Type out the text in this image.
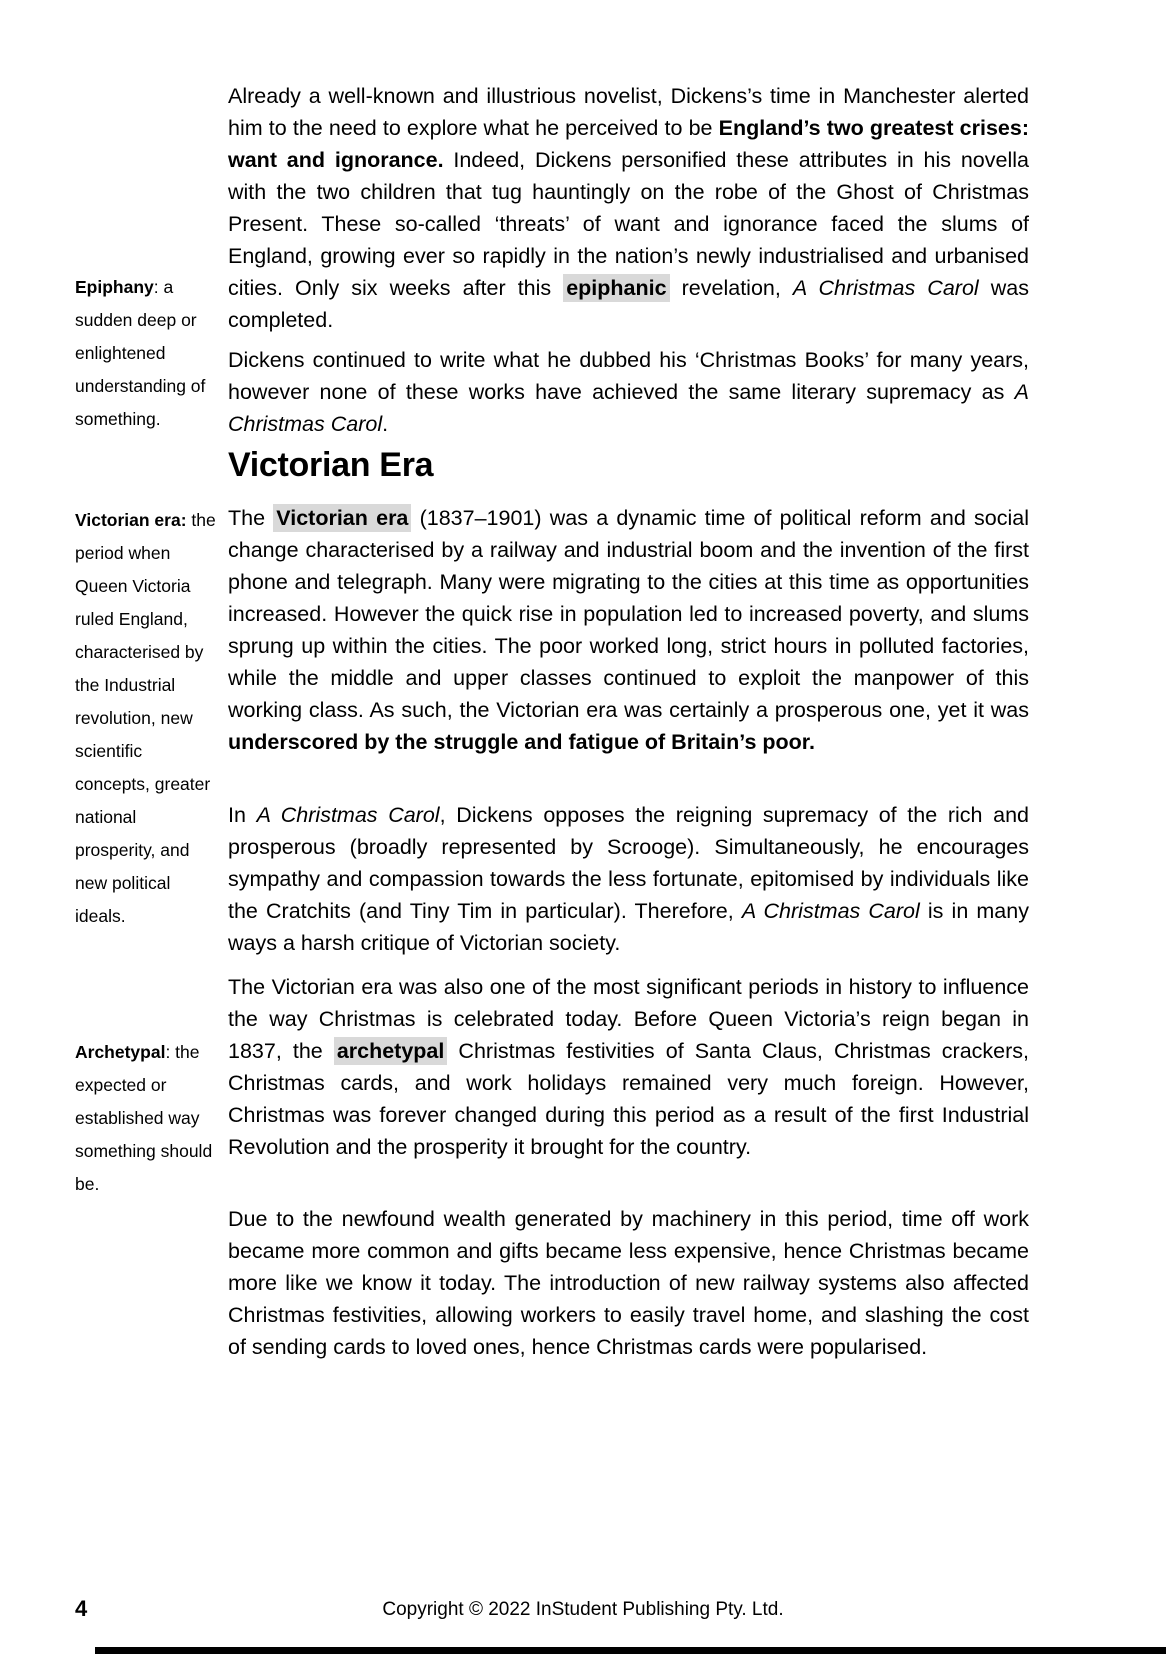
Epiphany: a sudden deep or enlightened understanding of something.
Victorian era: the period when Queen Victoria ruled England, characterised by the Industrial revolution, new scientific concepts, greater national prosperity, and new political ideals.
Archetypal: the expected or established way something should be.
Already a well-known and illustrious novelist, Dickens’s time in Manchester alerted him to the need to explore what he perceived to be England’s two greatest crises: want and ignorance. Indeed, Dickens personified these attributes in his novella with the two children that tug hauntingly on the robe of the Ghost of Christmas Present. These so-called ‘threats’ of want and ignorance faced the slums of England, growing ever so rapidly in the nation’s newly industrialised and urbanised cities. Only six weeks after this epiphanic revelation, A Christmas Carol was completed.
Dickens continued to write what he dubbed his ‘Christmas Books’ for many years, however none of these works have achieved the same literary supremacy as A Christmas Carol.
Victorian Era
The Victorian era (1837–1901) was a dynamic time of political reform and social change characterised by a railway and industrial boom and the invention of the first phone and telegraph. Many were migrating to the cities at this time as opportunities increased. However the quick rise in population led to increased poverty, and slums sprung up within the cities. The poor worked long, strict hours in polluted factories, while the middle and upper classes continued to exploit the manpower of this working class. As such, the Victorian era was certainly a prosperous one, yet it was underscored by the struggle and fatigue of Britain’s poor.
In A Christmas Carol, Dickens opposes the reigning supremacy of the rich and prosperous (broadly represented by Scrooge). Simultaneously, he encourages sympathy and compassion towards the less fortunate, epitomised by individuals like the Cratchits (and Tiny Tim in particular). Therefore, A Christmas Carol is in many ways a harsh critique of Victorian society.
The Victorian era was also one of the most significant periods in history to influence the way Christmas is celebrated today. Before Queen Victoria’s reign began in 1837, the archetypal Christmas festivities of Santa Claus, Christmas crackers, Christmas cards, and work holidays remained very much foreign. However, Christmas was forever changed during this period as a result of the first Industrial Revolution and the prosperity it brought for the country.
Due to the newfound wealth generated by machinery in this period, time off work became more common and gifts became less expensive, hence Christmas became more like we know it today. The introduction of new railway systems also affected Christmas festivities, allowing workers to easily travel home, and slashing the cost of sending cards to loved ones, hence Christmas cards were popularised.
4	Copyright © 2022 InStudent Publishing Pty. Ltd.
